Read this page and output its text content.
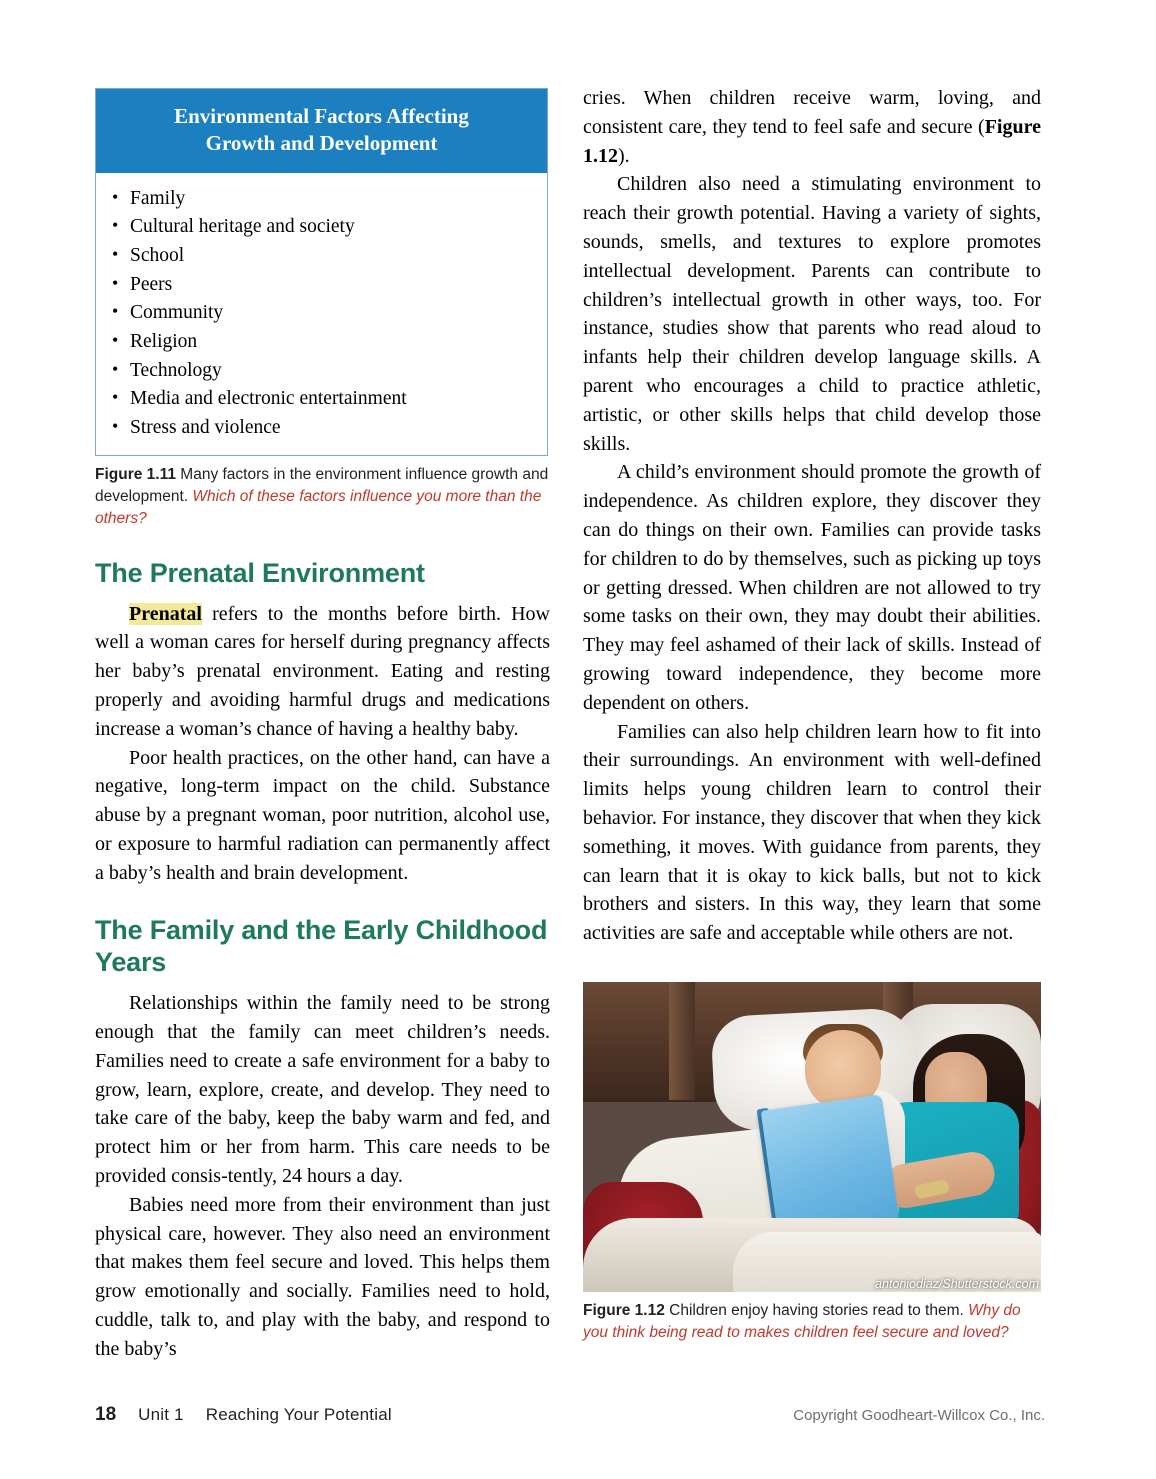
Environmental Factors Affecting
Growth and Development
• Family
• Cultural heritage and society
• School
• Peers
• Community
• Religion
• Technology
• Media and electronic entertainment
• Stress and violence
Figure 1.11 Many factors in the environment influence growth and development. Which of these factors influence you more than the others?
The Prenatal Environment

Prenatal refers to the months before birth. How well a woman cares for herself during pregnancy affects her baby’s prenatal environment. Eating and resting properly and avoiding harmful drugs and medications increase a woman’s chance of having a healthy baby.

Poor health practices, on the other hand, can have a negative, long-term impact on the child. Substance abuse by a pregnant woman, poor nutrition, alcohol use, or exposure to harmful radiation can permanently affect a baby’s health and brain development.

The Family and the Early Childhood Years

Relationships within the family need to be strong enough that the family can meet children’s needs. Families need to create a safe environment for a baby to grow, learn, explore, create, and develop. They need to take care of the baby, keep the baby warm and fed, and protect him or her from harm. This care needs to be provided consis-tently, 24 hours a day.

Babies need more from their environment than just physical care, however. They also need an environment that makes them feel secure and loved. This helps them grow emotionally and socially. Families need to hold, cuddle, talk to, and play with the baby, and respond to the baby’s

cries. When children receive warm, loving, and consistent care, they tend to feel safe and secure (Figure 1.12).

Children also need a stimulating environment to reach their growth potential. Having a variety of sights, sounds, smells, and textures to explore promotes intellectual development. Parents can contribute to children’s intellectual growth in other ways, too. For instance, studies show that parents who read aloud to infants help their children develop language skills. A parent who encourages a child to practice athletic, artistic, or other skills helps that child develop those skills.

A child’s environment should promote the growth of independence. As children explore, they discover they can do things on their own. Families can provide tasks for children to do by themselves, such as picking up toys or getting dressed. When children are not allowed to try some tasks on their own, they may doubt their abilities. They may feel ashamed of their lack of skills. Instead of growing toward independence, they become more dependent on others.

Families can also help children learn how to fit into their surroundings. An environment with well-defined limits helps young children learn to control their behavior. For instance, they discover that when they kick something, it moves. With guidance from parents, they can learn that it is okay to kick balls, but not to kick brothers and sisters. In this way, they learn that some activities are safe and acceptable while others are not.

antoniodiaz/Shutterstock.com
Figure 1.12 Children enjoy having stories read to them. Why do you think being read to makes children feel secure and loved?
18 Unit 1 Reaching Your Potential	Copyright Goodheart-Willcox Co., Inc.
